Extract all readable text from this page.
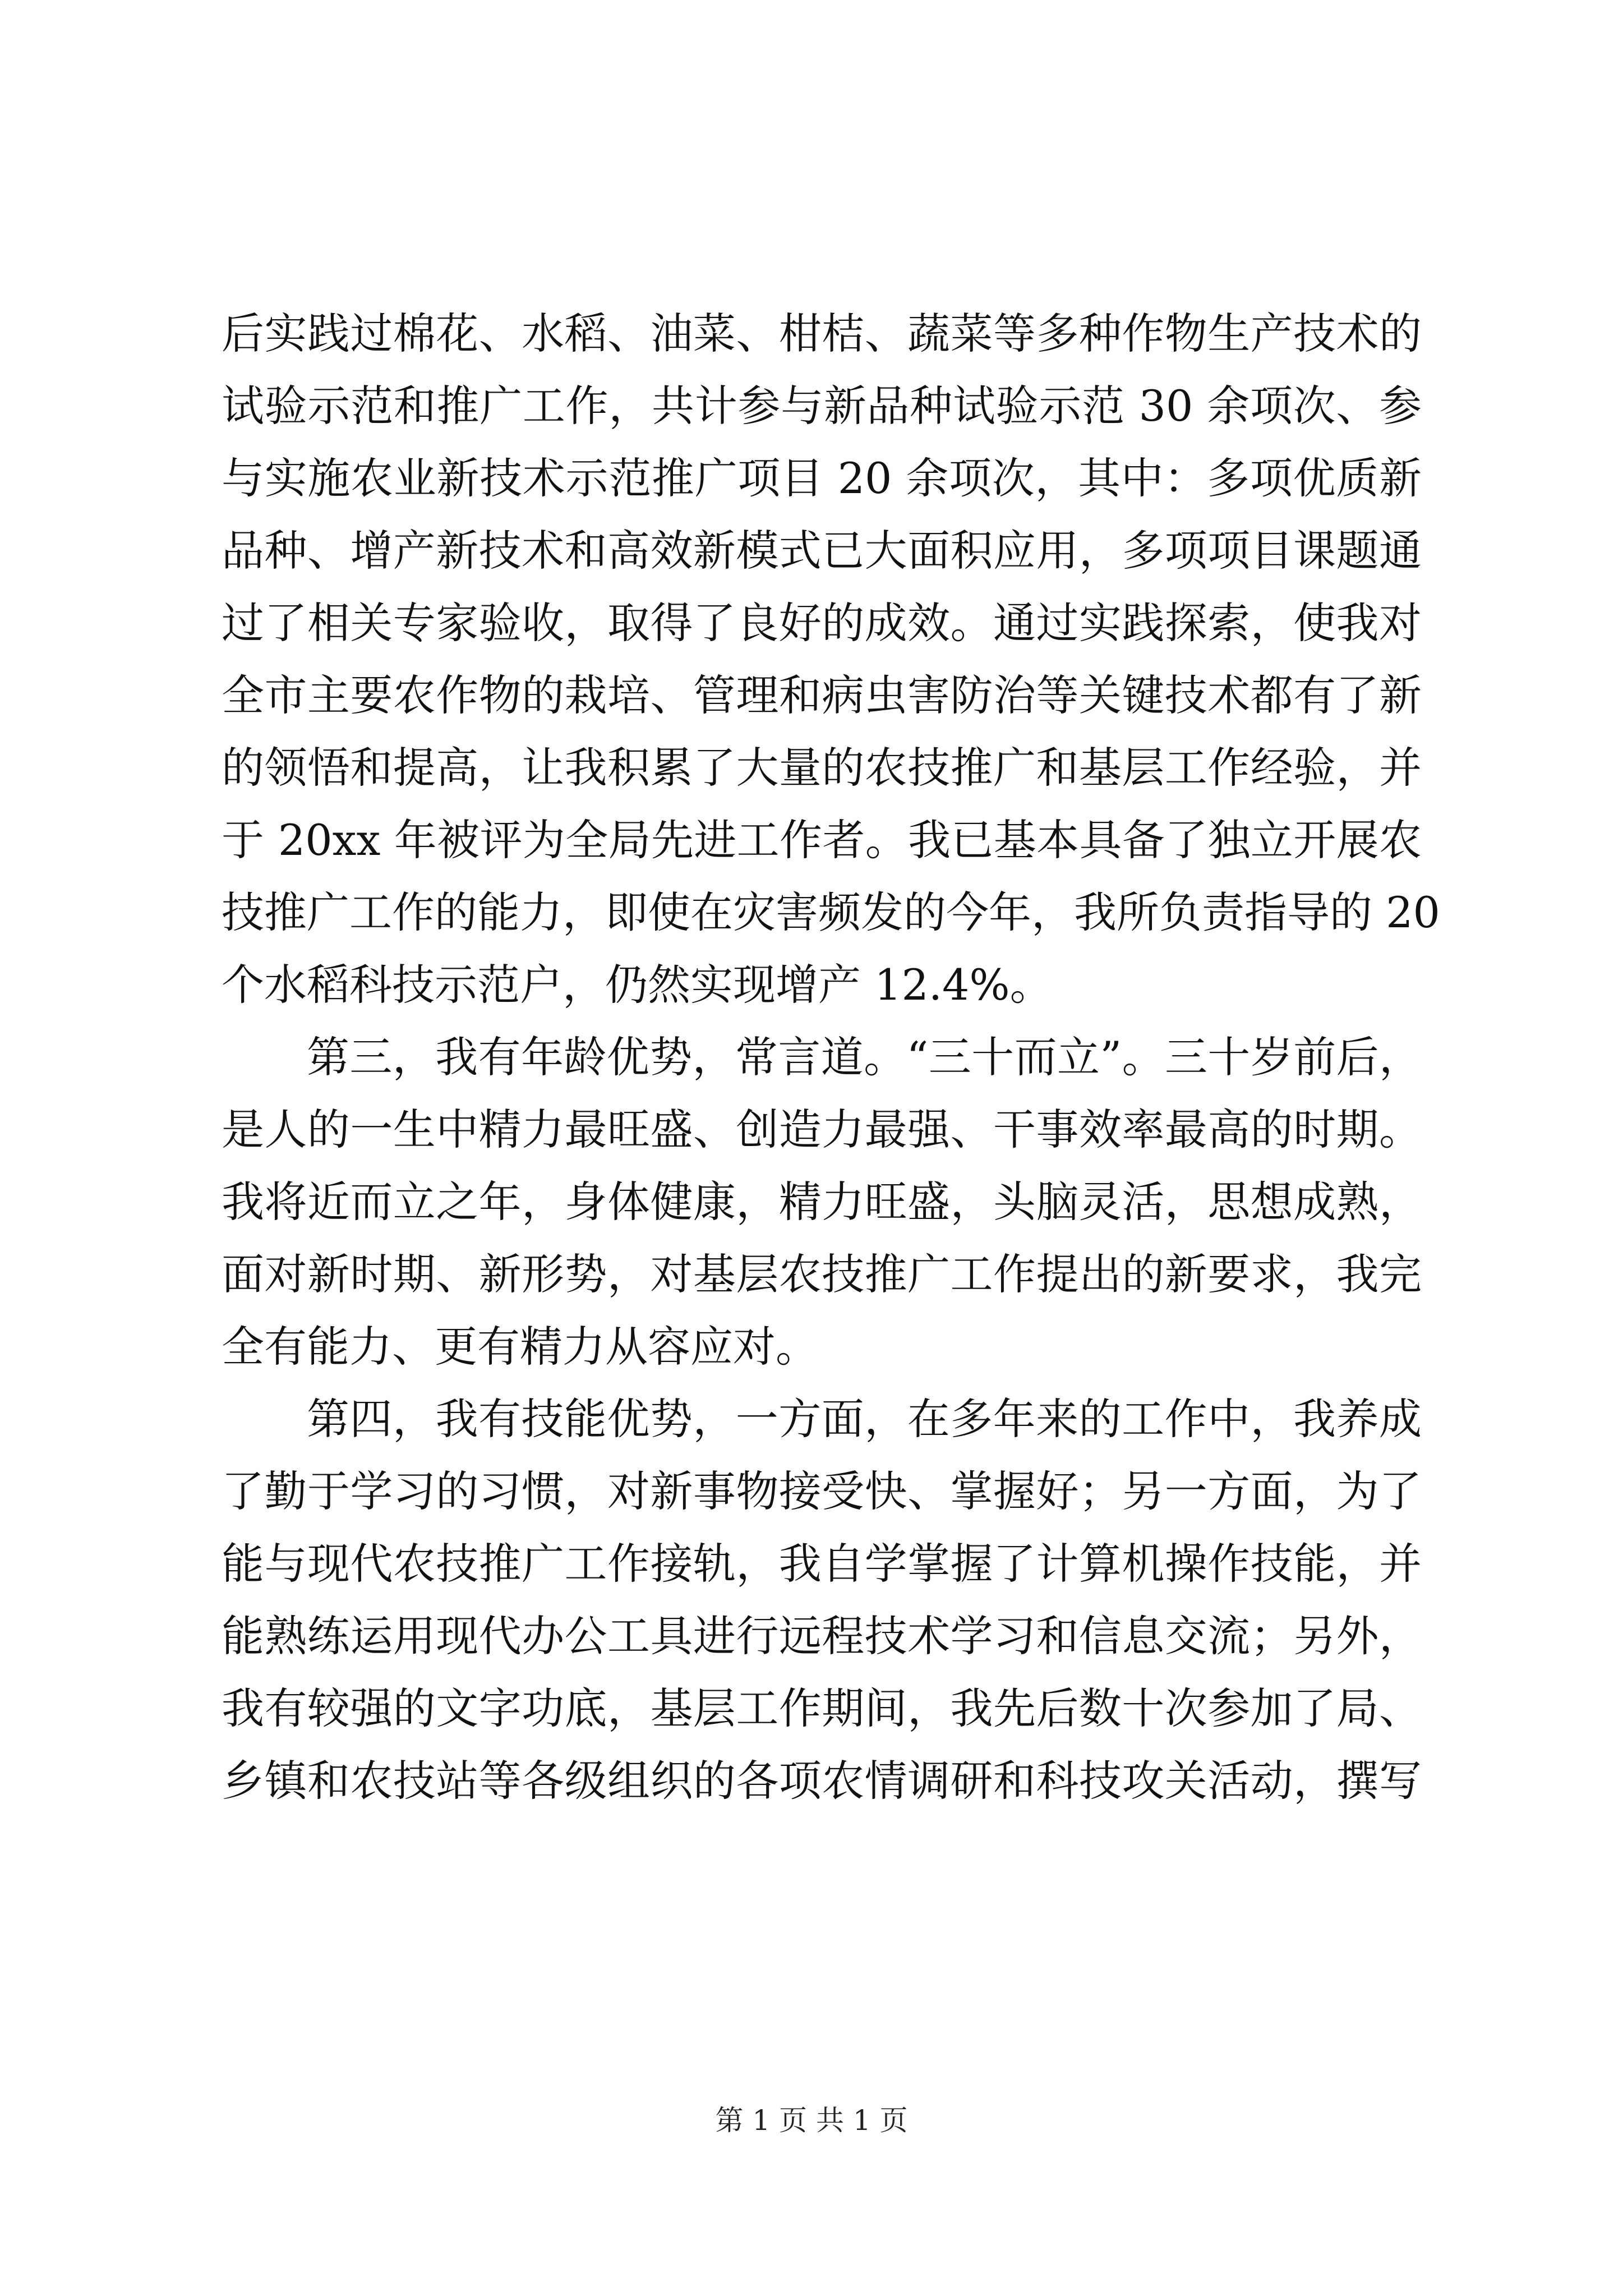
后实践过棉花、水稻、油菜、柑桔、蔬菜等多种作物生产技术的
试验示范和推广工作，共计参与新品种试验示范 30 余项次、参
与实施农业新技术示范推广项目 20 余项次，其中：多项优质新
品种、增产新技术和高效新模式已大面积应用，多项项目课题通
过了相关专家验收，取得了良好的成效。通过实践探索，使我对
全市主要农作物的栽培、管理和病虫害防治等关键技术都有了新
的领悟和提高，让我积累了大量的农技推广和基层工作经验，并
于 20xx 年被评为全局先进工作者。我已基本具备了独立开展农
技推广工作的能力，即使在灾害频发的今年，我所负责指导的 20
个水稻科技示范户，仍然实现增产 12.4%。
第三，我有年龄优势，常言道。“三十而立”。三十岁前后，
是人的一生中精力最旺盛、创造力最强、干事效率最高的时期。
我将近而立之年，身体健康，精力旺盛，头脑灵活，思想成熟，
面对新时期、新形势，对基层农技推广工作提出的新要求，我完
全有能力、更有精力从容应对。
第四，我有技能优势，一方面，在多年来的工作中，我养成
了勤于学习的习惯，对新事物接受快、掌握好；另一方面，为了
能与现代农技推广工作接轨，我自学掌握了计算机操作技能，并
能熟练运用现代办公工具进行远程技术学习和信息交流；另外，
我有较强的文字功底，基层工作期间，我先后数十次参加了局、
乡镇和农技站等各级组织的各项农情调研和科技攻关活动，撰写
第 1 页 共 1 页
